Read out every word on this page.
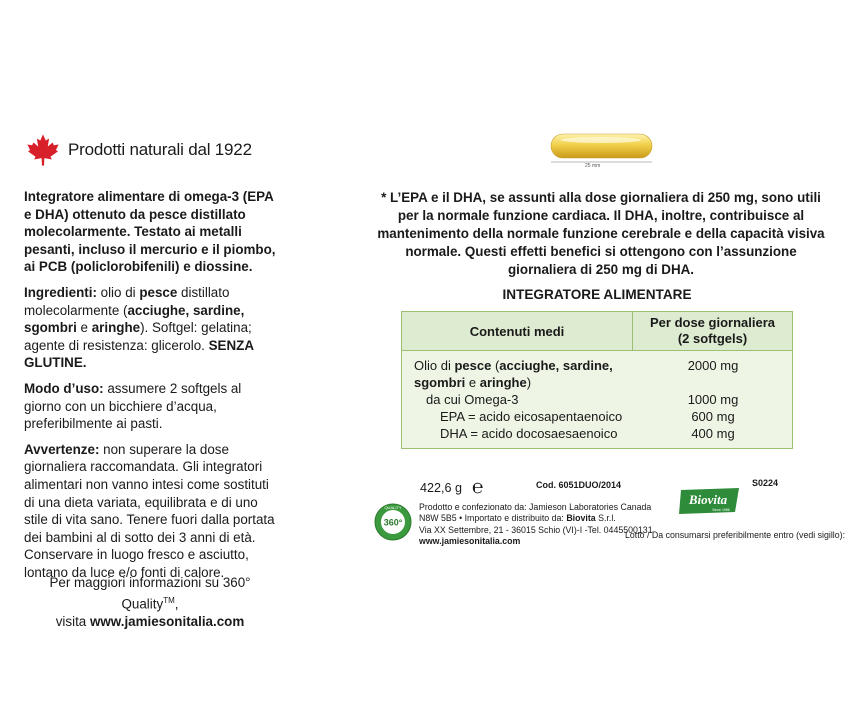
Prodotti naturali dal 1922

Integratore alimentare di omega-3 (EPA e DHA) ottenuto da pesce distillato molecolarmente. Testato ai metalli pesanti, incluso il mercurio e il piombo, ai PCB (policlorobifenili) e diossine.

Ingredienti: olio di pesce distillato molecolarmente (acciughe, sardine, sgombri e aringhe). Softgel: gelatina; agente di resistenza: glicerolo. SENZA GLUTINE.

Modo d’uso: assumere 2 softgels al giorno con un bicchiere d’acqua, preferibilmente ai pasti.

Avvertenze: non superare la dose giornaliera raccomandata. Gli integratori alimentari non vanno intesi come sostituti di una dieta variata, equilibrata e di uno stile di vita sano. Tenere fuori dalla portata dei bambini al di sotto dei 3 anni di età. Conservare in luogo fresco e asciutto, lontano da luce e/o fonti di calore.

Per maggiori informazioni su 360° Quality™,
visita www.jamiesonitalia.com
25 mm
* L’EPA e il DHA, se assunti alla dose giornaliera di 250 mg, sono utili per la normale funzione cardiaca. Il DHA, inoltre, contribuisce al mantenimento della normale funzione cerebrale e della capacità visiva normale. Questi effetti benefici si ottengono con l’assunzione giornaliera di 250 mg di DHA.
INTEGRATORE ALIMENTARE
Contenuti medi
Per dose giornaliera
(2 softgels)
Olio di pesce (acciughe, sardine,
sgombri e aringhe)
da cui Omega-3
EPA = acido eicosapentaenoico
DHA = acido docosaesaenoico
2000 mg

1000 mg
600 mg
400 mg
422,6 g ℮	Cod. 6051DUO/2014
360°
QUALITY Prodotto e confezionato da: Jamieson Laboratories Canada
N8W 5B5 • Importato e distribuito da: Biovita S.r.l.
Via XX Settembre, 21 - 36015 Schio (VI)-I -Tel. 0445500131
www.jamiesonitalia.com
Biovita
Since 1986
S0224
Lotto / Da consumarsi preferibilmente entro (vedi sigillo):
